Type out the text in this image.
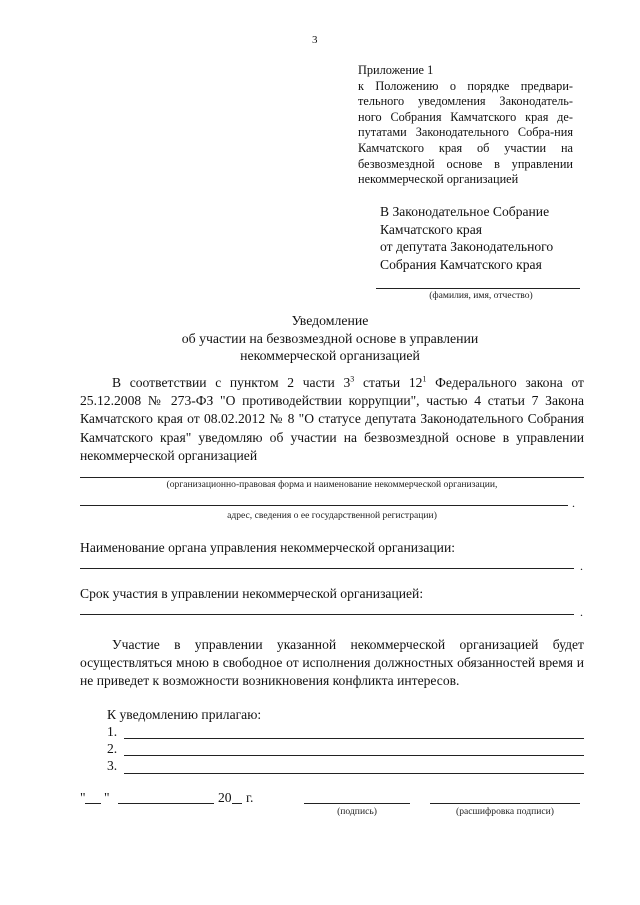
3
Приложение 1
к Положению о порядке предвари-тельного уведомления Законодатель-ного Собрания Камчатского края де-путатами Законодательного Собра-ния Камчатского края об участии на безвозмездной основе в управлении некоммерческой организацией
В Законодательное Собрание
Камчатского края
от депутата Законодательного
Собрания Камчатского края
(фамилия, имя, отчество)
Уведомление
об участии на безвозмездной основе в управлении
некоммерческой организацией
В соответствии с пунктом 2 части $3^3$ статьи $12^1$ Федерального закона от 25.12.2008 № 273-ФЗ "О противодействии коррупции", частью 4 статьи 7 Закона Камчатского края от 08.02.2012 № 8 "О статусе депутата Законодательного Собрания Камчатского края" уведомляю об участии на безвозмездной основе в управлении некоммерческой организацией
(организационно-правовая форма и наименование некоммерческой организации,
.
адрес, сведения о ее государственной регистрации)
Наименование органа управления некоммерческой организации:
.
Срок участия в управлении некоммерческой организацией:
.
Участие в управлении указанной некоммерческой организацией будет осуществляться мною в свободное от исполнения должностных обязанностей время и не приведет к возможности возникновения конфликта интересов.
К уведомлению прилагаю:
1.
2.
3.
" "	20 г.
(подпись)	(расшифровка подписи)
